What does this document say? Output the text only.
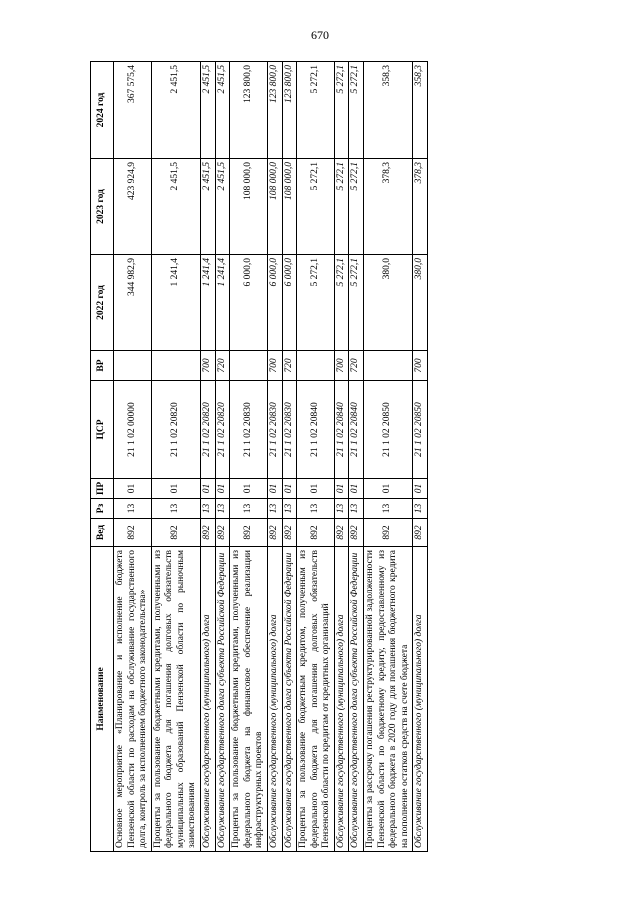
670
Наименование	Вед	Рз	ПР	ЦСР	ВР	2022 год	2023 год	2024 год
Основное мероприятие «Планирование и исполнение бюджета Пензенской области по расходам на обслуживание государственного долга, контроль за исполнением бюджетного законодательства»	892	13	01	21 1 02 00000		344 982,9	423 924,9	367 575,4
Проценты за пользование бюджетными кредитами, полученными из федерального бюджета для погашения долговых обязательств муниципальных образований Пензенской области по рыночным заимствованиям	892	13	01	21 1 02 20820		1 241,4	2 451,5	2 451,5
Обслуживание государственного (муниципального) долга	892	13	01	21 1 02 20820	700	1 241,4	2 451,5	2 451,5
Обслуживание государственного долга субъекта Российской Федерации	892	13	01	21 1 02 20820	720	1 241,4	2 451,5	2 451,5
Проценты за пользование бюджетными кредитами, полученными из федерального бюджета на финансовое обеспечение реализации инфраструктурных проектов	892	13	01	21 1 02 20830		6 000,0	108 000,0	123 800,0
Обслуживание государственного (муниципального) долга	892	13	01	21 1 02 20830	700	6 000,0	108 000,0	123 800,0
Обслуживание государственного долга субъекта Российской Федерации	892	13	01	21 1 02 20830	720	6 000,0	108 000,0	123 800,0
Проценты за пользование бюджетным кредитом, полученным из федерального бюджета для погашения долговых обязательств Пензенской области по кредитам от кредитных организаций	892	13	01	21 1 02 20840		5 272,1	5 272,1	5 272,1
Обслуживание государственного (муниципального) долга	892	13	01	21 1 02 20840	700	5 272,1	5 272,1	5 272,1
Обслуживание государственного долга субъекта Российской Федерации	892	13	01	21 1 02 20840	720	5 272,1	5 272,1	5 272,1
Проценты за рассрочку погашения реструктурированной задолженности Пензенской области по бюджетному кредиту, предоставленному из федерального бюджета в 2020 году для погашения бюджетного кредита на пополнение остатков средств на счете бюджета	892	13	01	21 1 02 20850		380,0	378,3	358,3
Обслуживание государственного (муниципального) долга	892	13	01	21 1 02 20850	700	380,0	378,3	358,3
